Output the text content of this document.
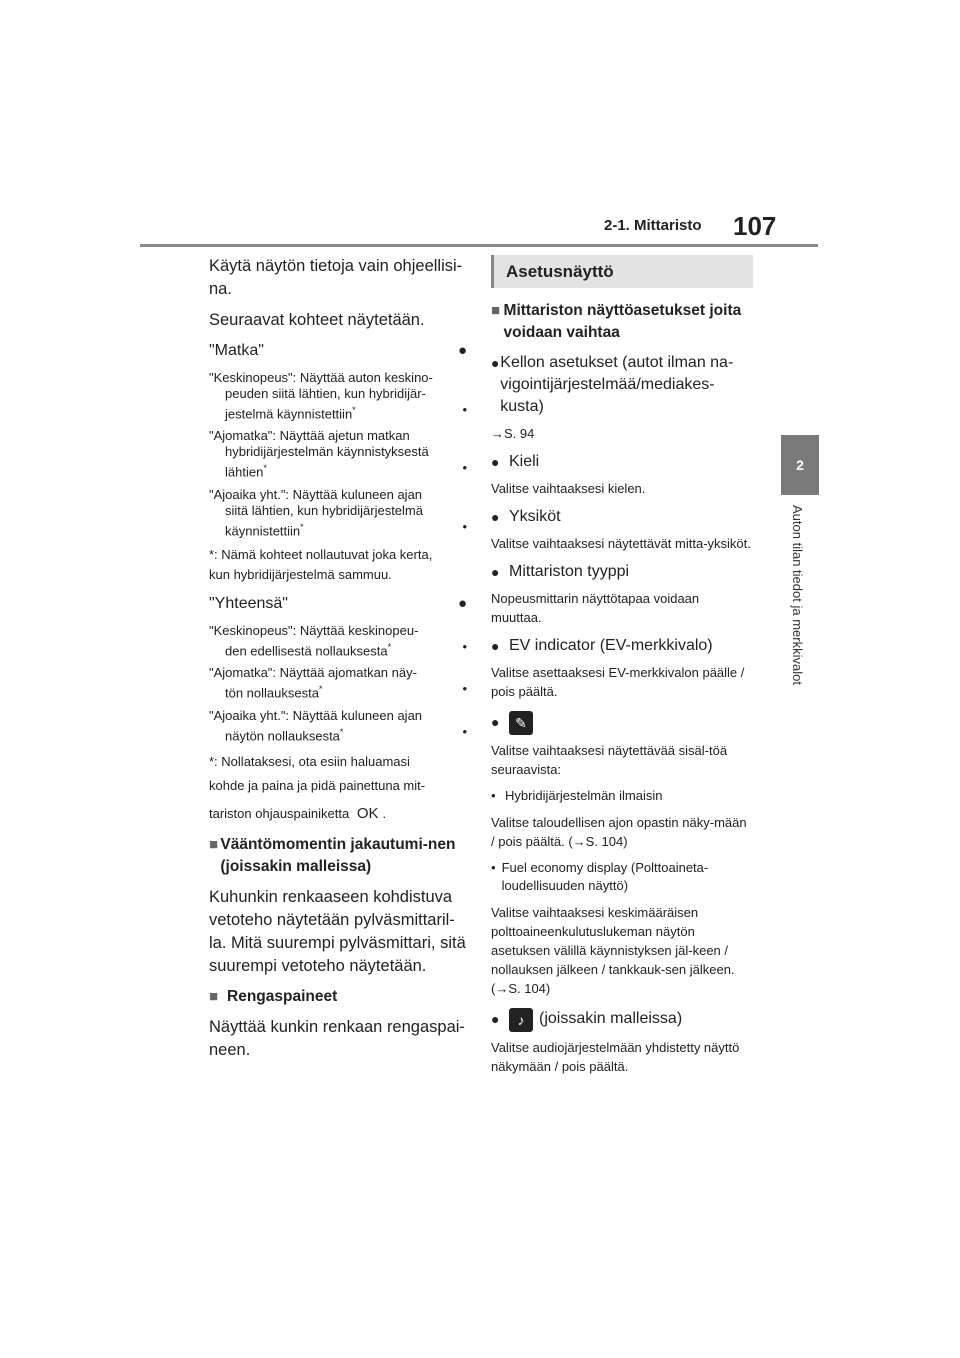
2-1. Mittaristo 107
2
Auton tilan tiedot ja merkkivalot

Käytä näytön tietoja vain ohjeellisi-na.

Seuraavat kohteet näytetään.

"Matka"	●
"Keskinopeus": Näyttää auton keskino-
peuden siitä lähtien, kun hybridijär-
jestelmä käynnistettiin*	•
"Ajomatka": Näyttää ajetun matkan
hybridijärjestelmän käynnistyksestä
lähtien*	•
"Ajoaika yht.": Näyttää kuluneen ajan
siitä lähtien, kun hybridijärjestelmä
käynnistettiin*	•
*: Nämä kohteet nollautuvat joka kerta,
kun hybridijärjestelmä sammuu.
"Yhteensä"	●
"Keskinopeus": Näyttää keskinopeu-
den edellisestä nollauksesta*	•
"Ajomatka": Näyttää ajomatkan näy-
tön nollauksesta*	•
"Ajoaika yht.": Näyttää kuluneen ajan
näytön nollauksesta*	•
*: Nollataksesi, ota esiin haluamasi
kohde ja paina ja pidä painettuna mit-
tariston ohjauspainiketta OK .
■ Vääntömomentin jakautumi-nen (joissakin malleissa)

Kuhunkin renkaaseen kohdistuva vetoteho näytetään pylväsmittaril-la. Mitä suurempi pylväsmittari, sitä suurempi vetoteho näytetään.

■ Rengaspaineet

Näyttää kunkin renkaan rengaspai-neen.

Asetusnäyttö
■ Mittariston näyttöasetukset joita voidaan vaihtaa
● Kellon asetukset (autot ilman na-vigointijärjestelmää/mediakes-kusta)

→S. 94

● Kieli

Valitse vaihtaaksesi kielen.

● Yksiköt

Valitse vaihtaaksesi näytettävät mitta-yksiköt.

● Mittariston tyyppi

Nopeusmittarin näyttötapaa voidaan muuttaa.

● EV indicator (EV-merkkivalo)

Valitse asettaaksesi EV-merkkivalon päälle / pois päältä.

●	✎

Valitse vaihtaaksesi näytettävää sisäl-töä seuraavista:

• Hybridijärjestelmän ilmaisin

Valitse taloudellisen ajon opastin näky-mään / pois päältä. (→S. 104)

• Fuel economy display (Polttoaineta-loudellisuuden näyttö)

Valitse vaihtaaksesi keskimääräisen polttoaineenkulutuslukeman näytön asetuksen välillä käynnistyksen jäl-keen / nollauksen jälkeen / tankkauk-sen jälkeen. (→S. 104)

●	♪ (joissakin malleissa)

Valitse audiojärjestelmään yhdistetty näyttö näkymään / pois päältä.
